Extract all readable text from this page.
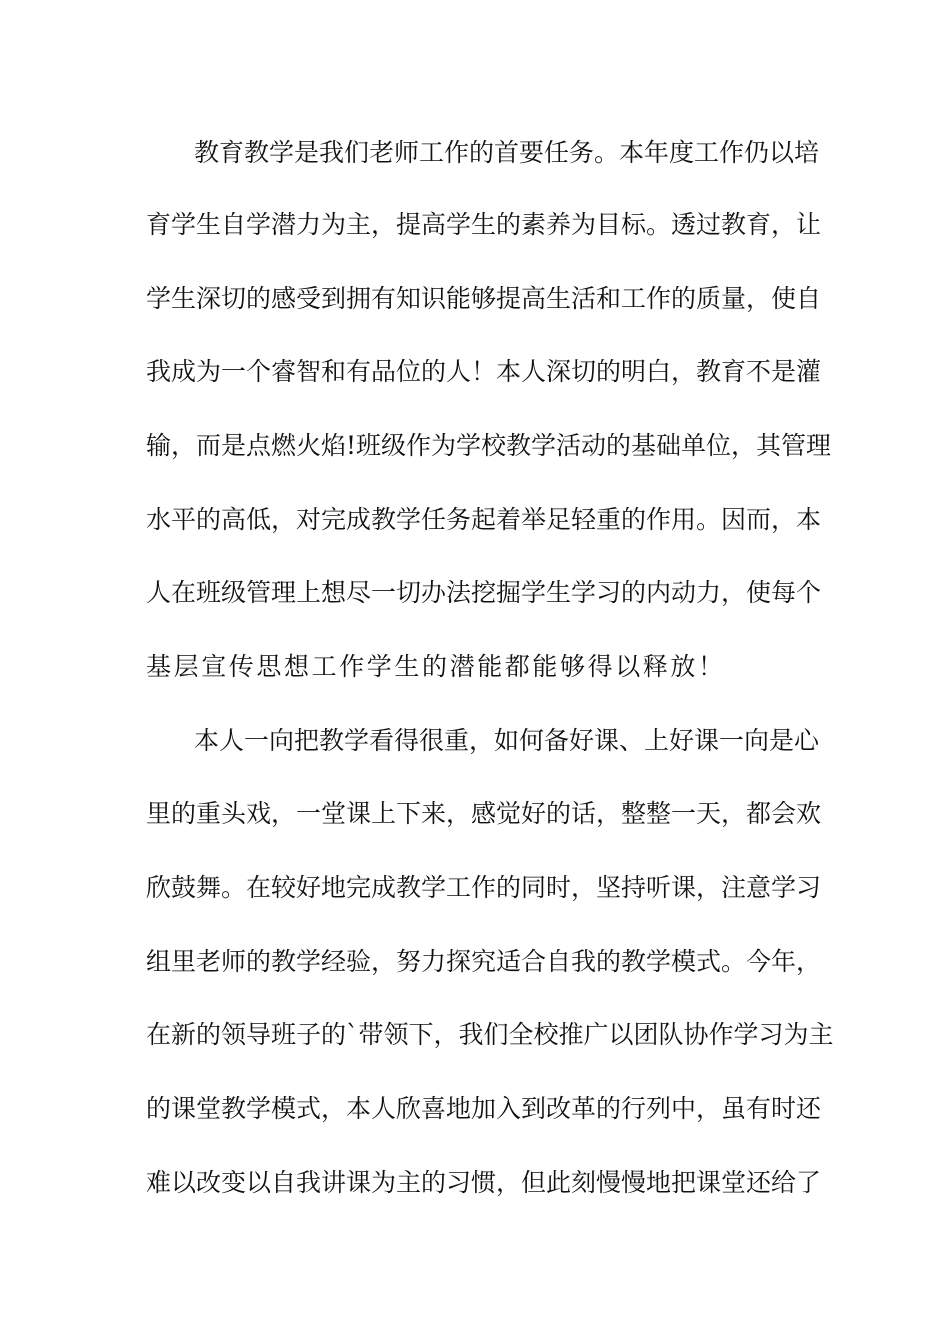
教育教学是我们老师工作的首要任务。本年度工作仍以培
育学生自学潜力为主，提高学生的素养为目标。透过教育，让
学生深切的感受到拥有知识能够提高生活和工作的质量，使自
我成为一个睿智和有品位的人！本人深切的明白，教育不是灌
输，而是点燃火焰!班级作为学校教学活动的基础单位，其管理
水平的高低，对完成教学任务起着举足轻重的作用。因而，本
人在班级管理上想尽一切办法挖掘学生学习的内动力，使每个
基层宣传思想工作学生的潜能都能够得以释放！
本人一向把教学看得很重，如何备好课、上好课一向是心
里的重头戏，一堂课上下来，感觉好的话，整整一天，都会欢
欣鼓舞。在较好地完成教学工作的同时，坚持听课，注意学习
组里老师的教学经验，努力探究适合自我的教学模式。今年，
在新的领导班子的`带领下，我们全校推广以团队协作学习为主
的课堂教学模式，本人欣喜地加入到改革的行列中，虽有时还
难以改变以自我讲课为主的习惯，但此刻慢慢地把课堂还给了
